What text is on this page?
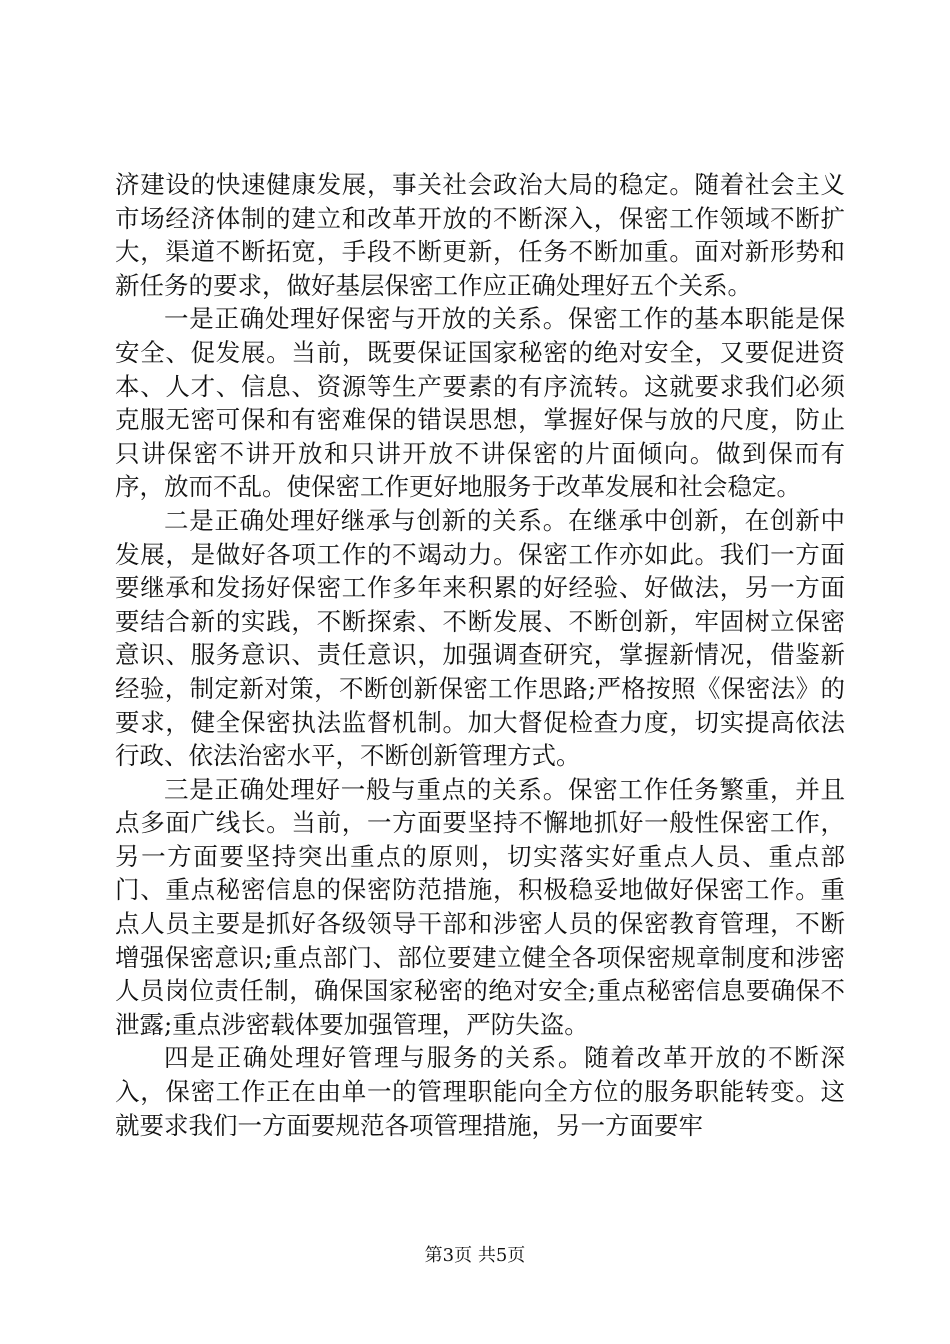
济建设的快速健康发展，事关社会政治大局的稳定。随着社会主义市场经济体制的建立和改革开放的不断深入，保密工作领域不断扩大，渠道不断拓宽，手段不断更新，任务不断加重。面对新形势和新任务的要求，做好基层保密工作应正确处理好五个关系。

一是正确处理好保密与开放的关系。保密工作的基本职能是保安全、促发展。当前，既要保证国家秘密的绝对安全，又要促进资本、人才、信息、资源等生产要素的有序流转。这就要求我们必须克服无密可保和有密难保的错误思想，掌握好保与放的尺度，防止只讲保密不讲开放和只讲开放不讲保密的片面倾向。做到保而有序，放而不乱。使保密工作更好地服务于改革发展和社会稳定。

二是正确处理好继承与创新的关系。在继承中创新，在创新中发展，是做好各项工作的不竭动力。保密工作亦如此。我们一方面要继承和发扬好保密工作多年来积累的好经验、好做法，另一方面要结合新的实践，不断探索、不断发展、不断创新，牢固树立保密意识、服务意识、责任意识，加强调查研究，掌握新情况，借鉴新经验，制定新对策，不断创新保密工作思路;严格按照《保密法》的要求，健全保密执法监督机制。加大督促检查力度，切实提高依法行政、依法治密水平，不断创新管理方式。

三是正确处理好一般与重点的关系。保密工作任务繁重，并且点多面广线长。当前，一方面要坚持不懈地抓好一般性保密工作，另一方面要坚持突出重点的原则，切实落实好重点人员、重点部门、重点秘密信息的保密防范措施，积极稳妥地做好保密工作。重点人员主要是抓好各级领导干部和涉密人员的保密教育管理，不断增强保密意识;重点部门、部位要建立健全各项保密规章制度和涉密人员岗位责任制，确保国家秘密的绝对安全;重点秘密信息要确保不泄露;重点涉密载体要加强管理，严防失盗。

四是正确处理好管理与服务的关系。随着改革开放的不断深入，保密工作正在由单一的管理职能向全方位的服务职能转变。这就要求我们一方面要规范各项管理措施，另一方面要牢

第3页 共5页
